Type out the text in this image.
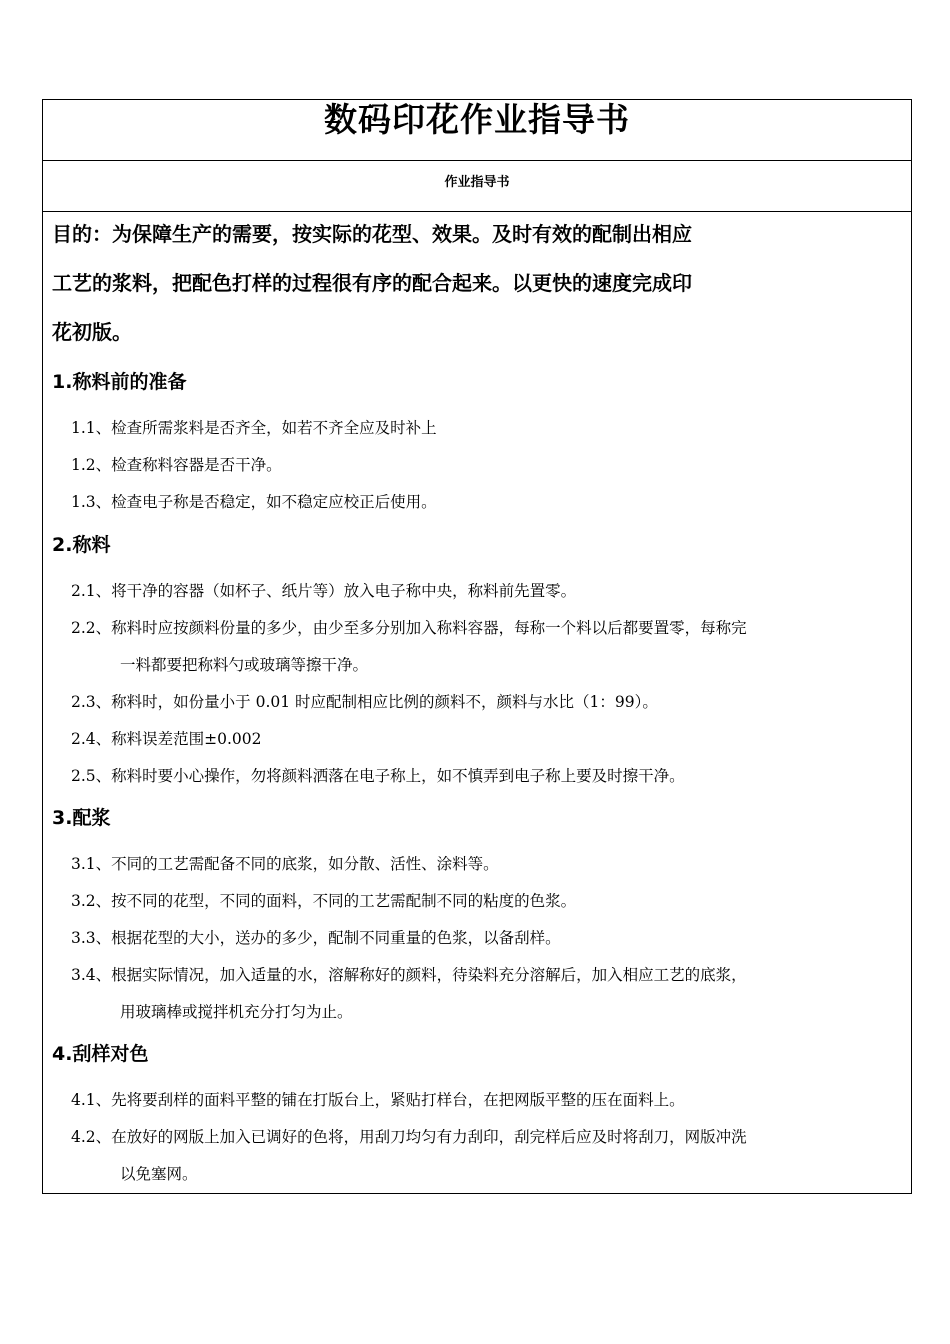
数码印花作业指导书
作业指导书
目的：为保障生产的需要，按实际的花型、效果。及时有效的配制出相应
工艺的浆料，把配色打样的过程很有序的配合起来。以更快的速度完成印
花初版。
1.称料前的准备
1.1、检查所需浆料是否齐全，如若不齐全应及时补上
1.2、检查称料容器是否干净。
1.3、检查电子称是否稳定，如不稳定应校正后使用。
2.称料
2.1、将干净的容器（如杯子、纸片等）放入电子称中央，称料前先置零。
2.2、称料时应按颜料份量的多少，由少至多分别加入称料容器，每称一个料以后都要置零，每称完
一料都要把称料勺或玻璃等擦干净。
2.3、称料时，如份量小于 0.01 时应配制相应比例的颜料不，颜料与水比（1：99）。
2.4、称料误差范围±0.002
2.5、称料时要小心操作，勿将颜料洒落在电子称上，如不慎弄到电子称上要及时擦干净。
3.配浆
3.1、不同的工艺需配备不同的底浆，如分散、活性、涂料等。
3.2、按不同的花型，不同的面料，不同的工艺需配制不同的粘度的色浆。
3.3、根据花型的大小，送办的多少，配制不同重量的色浆，以备刮样。
3.4、根据实际情况，加入适量的水，溶解称好的颜料，待染料充分溶解后，加入相应工艺的底浆，
用玻璃棒或搅拌机充分打匀为止。
4.刮样对色
4.1、先将要刮样的面料平整的铺在打版台上，紧贴打样台，在把网版平整的压在面料上。
4.2、在放好的网版上加入已调好的色将，用刮刀均匀有力刮印，刮完样后应及时将刮刀，网版冲洗
以免塞网。
